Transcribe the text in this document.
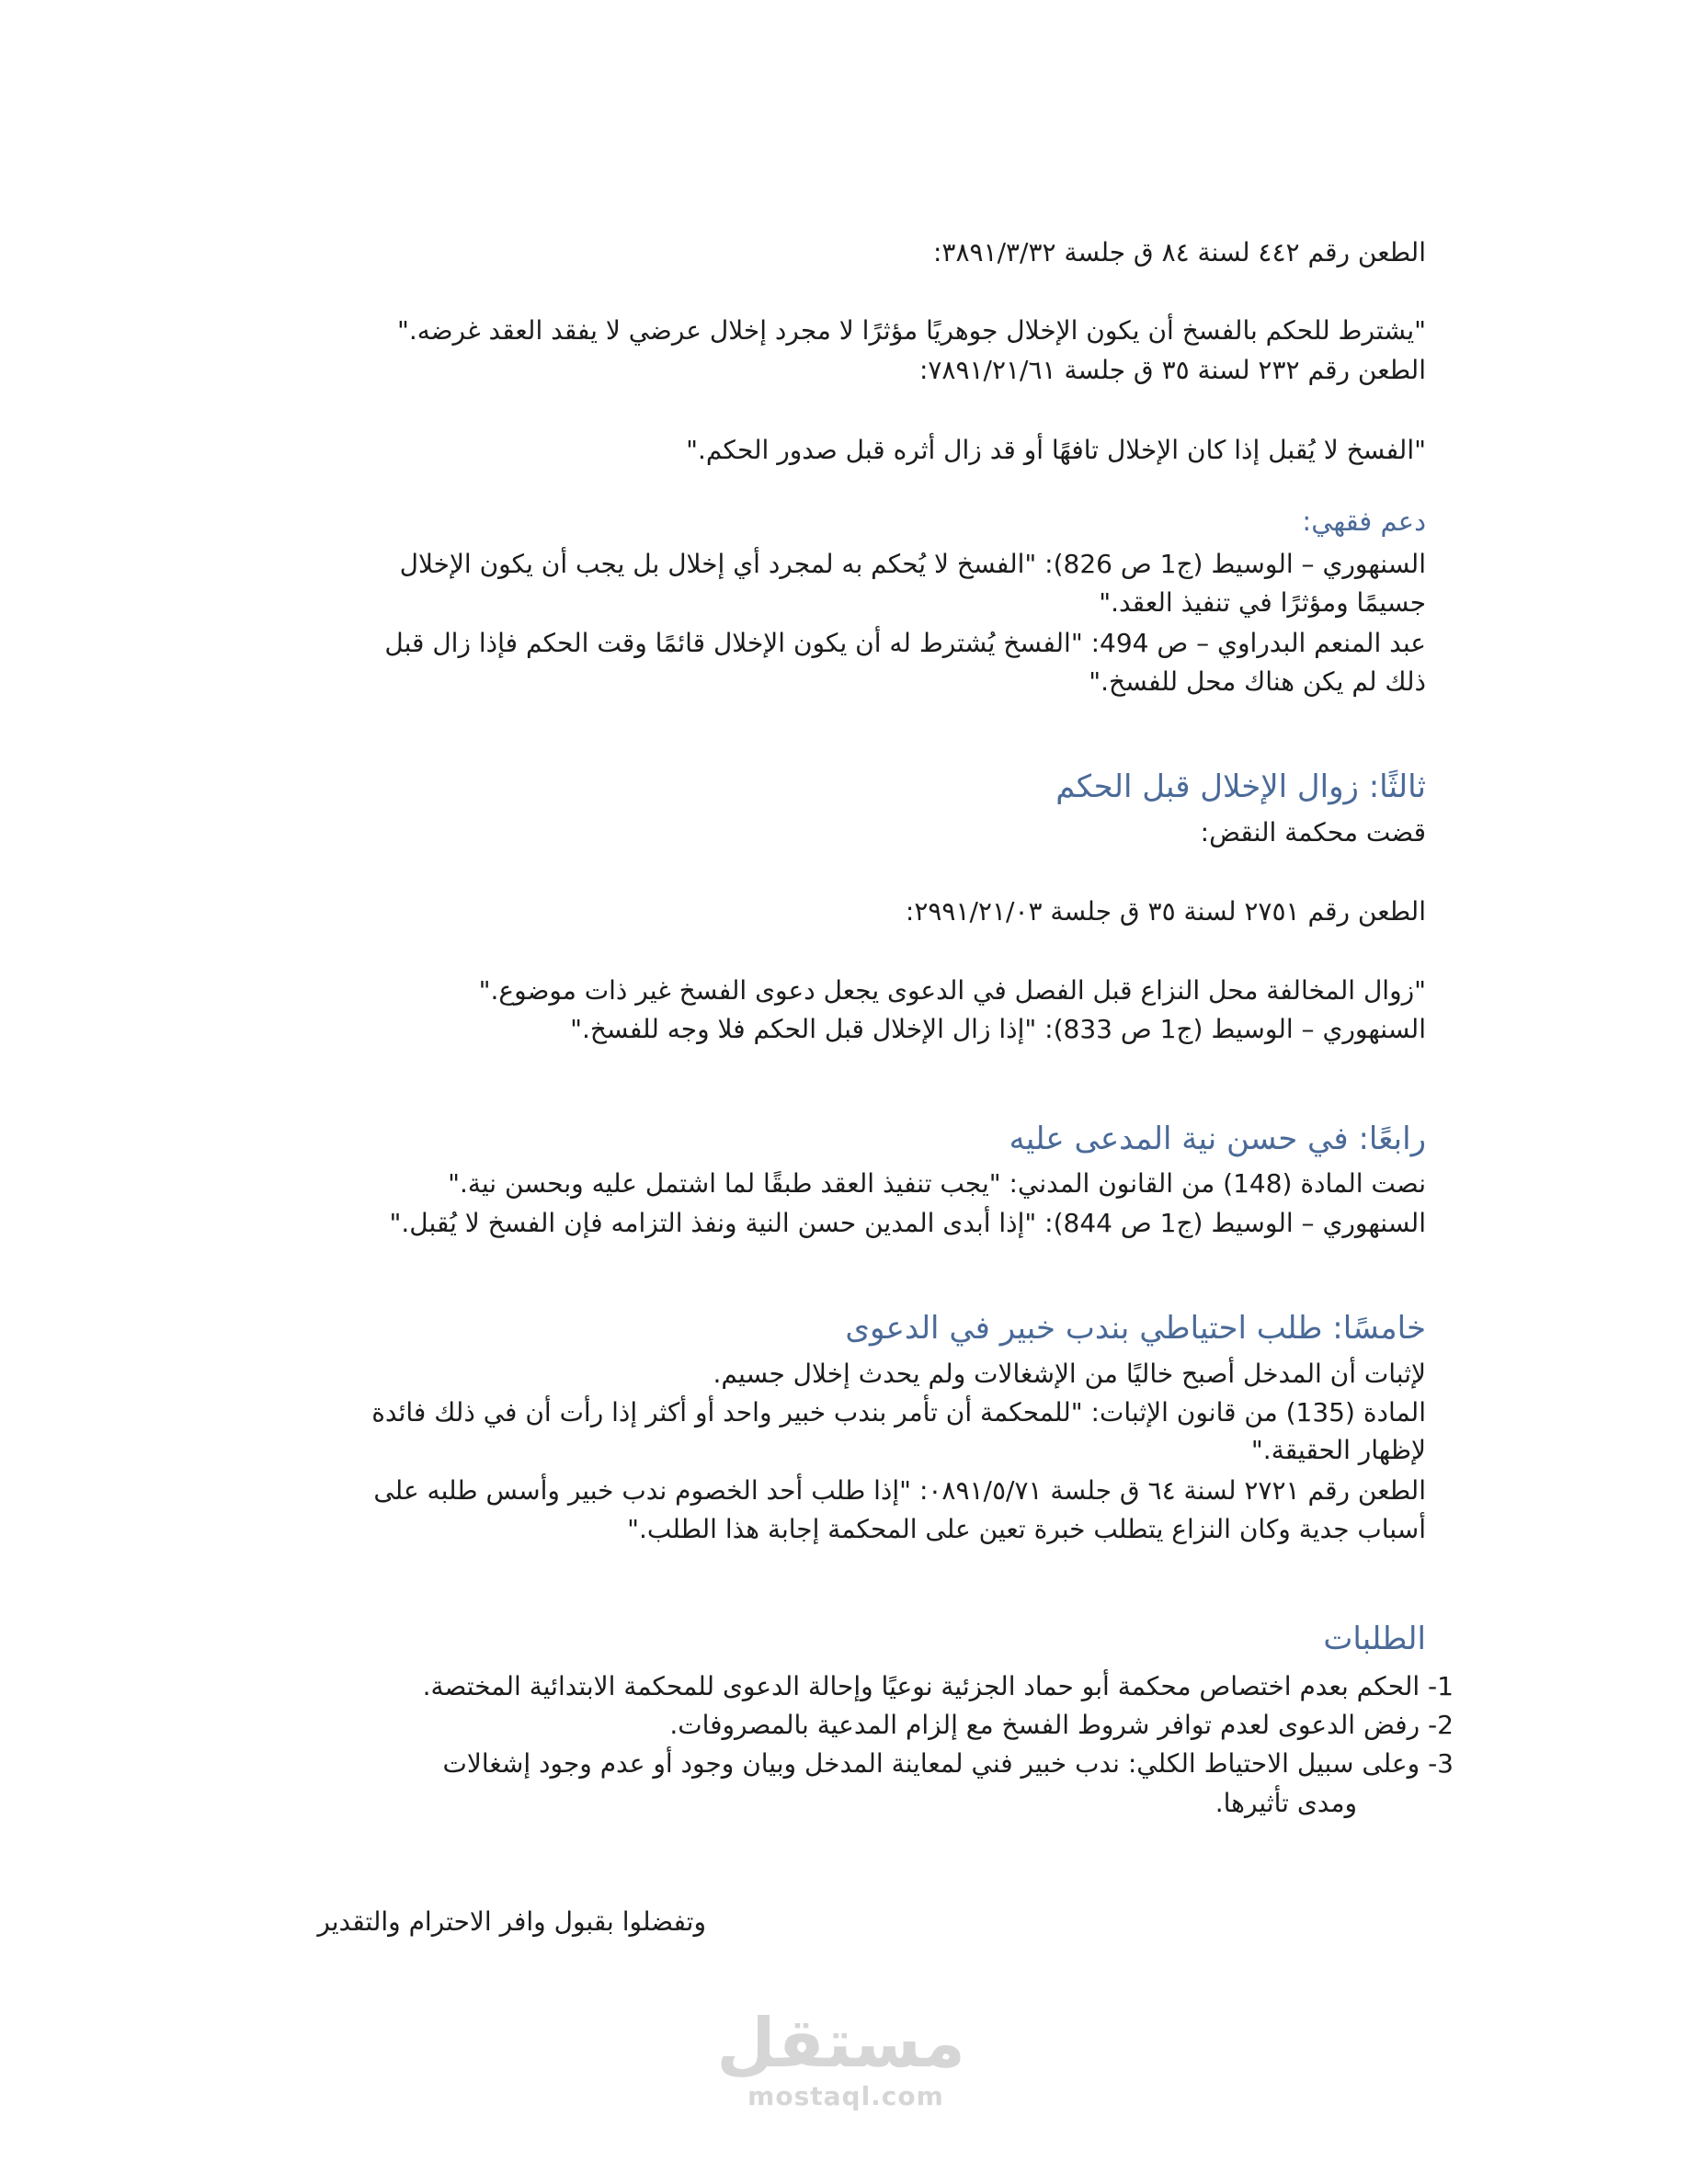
الطعن رقم ٤٤٢ لسنة ٨٤ ق جلسة ٣٨٩١/٣/٣٢:
"يشترط للحكم بالفسخ أن يكون الإخلال جوهريًا مؤثرًا لا مجرد إخلال عرضي لا يفقد العقد غرضه."
الطعن رقم ٢٣٢ لسنة ٣٥ ق جلسة ٧٨٩١/٢١/٦١:
"الفسخ لا يُقبل إذا كان الإخلال تافهًا أو قد زال أثره قبل صدور الحكم."
دعم فقهي:
السنهوري – الوسيط (ج1 ص 826): "الفسخ لا يُحكم به لمجرد أي إخلال بل يجب أن يكون الإخلال
جسيمًا ومؤثرًا في تنفيذ العقد."
عبد المنعم البدراوي – ص 494: "الفسخ يُشترط له أن يكون الإخلال قائمًا وقت الحكم فإذا زال قبل
ذلك لم يكن هناك محل للفسخ."
ثالثًا: زوال الإخلال قبل الحكم
قضت محكمة النقض:
الطعن رقم ٢٧٥١ لسنة ٣٥ ق جلسة ٢٩٩١/٢١/٠٣:
"زوال المخالفة محل النزاع قبل الفصل في الدعوى يجعل دعوى الفسخ غير ذات موضوع."
السنهوري – الوسيط (ج1 ص 833): "إذا زال الإخلال قبل الحكم فلا وجه للفسخ."
رابعًا: في حسن نية المدعى عليه
نصت المادة (148) من القانون المدني: "يجب تنفيذ العقد طبقًا لما اشتمل عليه وبحسن نية."
السنهوري – الوسيط (ج1 ص 844): "إذا أبدى المدين حسن النية ونفذ التزامه فإن الفسخ لا يُقبل."
خامسًا: طلب احتياطي بندب خبير في الدعوى
لإثبات أن المدخل أصبح خاليًا من الإشغالات ولم يحدث إخلال جسيم.
المادة (135) من قانون الإثبات: "للمحكمة أن تأمر بندب خبير واحد أو أكثر إذا رأت أن في ذلك فائدة
لإظهار الحقيقة."
الطعن رقم ٢٧٢١ لسنة ٦٤ ق جلسة ٠٨٩١/٥/٧١: "إذا طلب أحد الخصوم ندب خبير وأسس طلبه على
أسباب جدية وكان النزاع يتطلب خبرة تعين على المحكمة إجابة هذا الطلب."
الطلبات
1- الحكم بعدم اختصاص محكمة أبو حماد الجزئية نوعيًا وإحالة الدعوى للمحكمة الابتدائية المختصة.
2- رفض الدعوى لعدم توافر شروط الفسخ مع إلزام المدعية بالمصروفات.
3- وعلى سبيل الاحتياط الكلي: ندب خبير فني لمعاينة المدخل وبيان وجود أو عدم وجود إشغالات
ومدى تأثيرها.
وتفضلوا بقبول وافر الاحترام والتقدير
مستقل
mostaql.com
